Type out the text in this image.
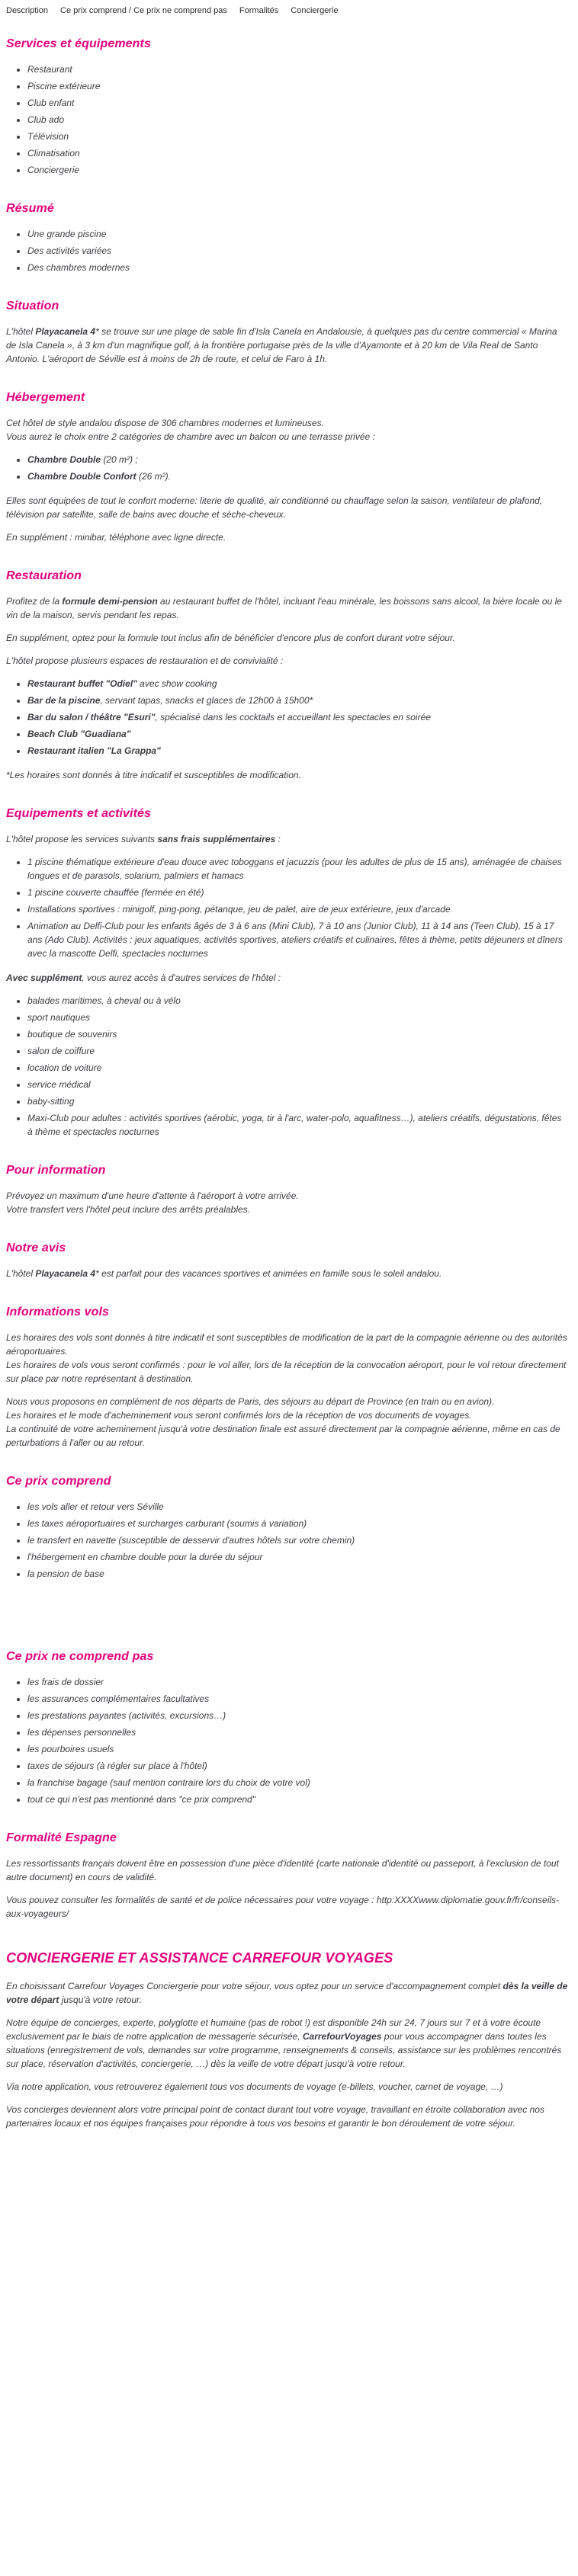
Description Ce prix comprend / Ce prix ne comprend pas Formalités Conciergerie
Services et équipements
• Restaurant
• Piscine extérieure
• Club enfant
• Club ado
• Télévision
• Climatisation
• Conciergerie
Résumé
• Une grande piscine
• Des activités variées
• Des chambres modernes
Situation

L'hôtel Playacanela 4* se trouve sur une plage de sable fin d'Isla Canela en Andalousie, à quelques pas du centre commercial « Marina de Isla Canela », à 3 km d'un magnifique golf, à la frontière portugaise près de la ville d'Ayamonte et à 20 km de Vila Real de Santo Antonio. L'aéroport de Séville est à moins de 2h de route, et celui de Faro à 1h.

Hébergement

Cet hôtel de style andalou dispose de 306 chambres modernes et lumineuses.
Vous aurez le choix entre 2 catégories de chambre avec un balcon ou une terrasse privée :

• Chambre Double (20 m²) ;
• Chambre Double Confort (26 m²).

Elles sont équipées de tout le confort moderne: literie de qualité, air conditionné ou chauffage selon la saison, ventilateur de plafond, télévision par satellite, salle de bains avec douche et sèche-cheveux.

En supplément : minibar, téléphone avec ligne directe.

Restauration

Profitez de la formule demi-pension au restaurant buffet de l'hôtel, incluant l'eau minérale, les boissons sans alcool, la bière locale ou le vin de la maison, servis pendant les repas.

En supplément, optez pour la formule tout inclus afin de bénéficier d'encore plus de confort durant votre séjour.

L'hôtel propose plusieurs espaces de restauration et de convivialité :

• Restaurant buffet "Odiel" avec show cooking
• Bar de la piscine, servant tapas, snacks et glaces de 12h00 à 15h00*
• Bar du salon / théâtre "Esuri", spécialisé dans les cocktails et accueillant les spectacles en soirée
• Beach Club "Guadiana"
• Restaurant italien "La Grappa"

*Les horaires sont donnés à titre indicatif et susceptibles de modification.

Equipements et activités

L'hôtel propose les services suivants sans frais supplémentaires :

• 1 piscine thématique extérieure d'eau douce avec toboggans et jacuzzis (pour les adultes de plus de 15 ans), aménagée de chaises longues et de parasols, solarium, palmiers et hamacs
• 1 piscine couverte chauffée (fermée en été)
• Installations sportives : minigolf, ping-pong, pétanque, jeu de palet, aire de jeux extérieure, jeux d'arcade
• Animation au Delfi-Club pour les enfants âgés de 3 à 6 ans (Mini Club), 7 à 10 ans (Junior Club), 11 à 14 ans (Teen Club), 15 à 17 ans (Ado Club). Activités : jeux aquatiques, activités sportives, ateliers créatifs et culinaires, fêtes à thème, petits déjeuners et dîners avec la mascotte Delfi, spectacles nocturnes

Avec supplément, vous aurez accès à d'autres services de l'hôtel :

• balades maritimes, à cheval ou à vélo
• sport nautiques
• boutique de souvenirs
• salon de coiffure
• location de voiture
• service médical
• baby-sitting
• Maxi-Club pour adultes : activités sportives (aérobic, yoga, tir à l'arc, water-polo, aquafitness…), ateliers créatifs, dégustations, fêtes à thème et spectacles nocturnes
Pour information

Prévoyez un maximum d'une heure d'attente à l'aéroport à votre arrivée.
Votre transfert vers l'hôtel peut inclure des arrêts préalables.

Notre avis

L'hôtel Playacanela 4* est parfait pour des vacances sportives et animées en famille sous le soleil andalou.

Informations vols

Les horaires des vols sont donnés à titre indicatif et sont susceptibles de modification de la part de la compagnie aérienne ou des autorités aéroportuaires.
Les horaires de vols vous seront confirmés : pour le vol aller, lors de la réception de la convocation aéroport, pour le vol retour directement sur place par notre représentant à destination.

Nous vous proposons en complément de nos départs de Paris, des séjours au départ de Province (en train ou en avion).
Les horaires et le mode d'acheminement vous seront confirmés lors de la réception de vos documents de voyages.
La continuité de votre acheminement jusqu'à votre destination finale est assuré directement par la compagnie aérienne, même en cas de perturbations à l'aller ou au retour.

Ce prix comprend
• les vols aller et retour vers Séville
• les taxes aéroportuaires et surcharges carburant (soumis à variation)
• le transfert en navette (susceptible de desservir d'autres hôtels sur votre chemin)
• l'hébergement en chambre double pour la durée du séjour
• la pension de base
Ce prix ne comprend pas
• les frais de dossier
• les assurances complémentaires facultatives
• les prestations payantes (activités, excursions…)
• les dépenses personnelles
• les pourboires usuels
• taxes de séjours (à régler sur place à l'hôtel)
• la franchise bagage (sauf mention contraire lors du choix de votre vol)
• tout ce qui n'est pas mentionné dans "ce prix comprend"
Formalité Espagne

Les ressortissants français doivent être en possession d'une pièce d'identité (carte nationale d'identité ou passeport, à l'exclusion de tout autre document) en cours de validité.

Vous pouvez consulter les formalités de santé et de police nécessaires pour votre voyage : http:XXXXwww.diplomatie.gouv.fr/fr/conseils-aux-voyageurs/

CONCIERGERIE ET ASSISTANCE CARREFOUR VOYAGES

En choisissant Carrefour Voyages Conciergerie pour votre séjour, vous optez pour un service d'accompagnement complet dès la veille de votre départ jusqu'à votre retour.

Notre équipe de concierges, experte, polyglotte et humaine (pas de robot !) est disponible 24h sur 24, 7 jours sur 7 et à votre écoute exclusivement par le biais de notre application de messagerie sécurisée, CarrefourVoyages pour vous accompagner dans toutes les situations (enregistrement de vols, demandes sur votre programme, renseignements & conseils, assistance sur les problèmes rencontrés sur place, réservation d'activités, conciergerie, …) dès la veille de votre départ jusqu'à votre retour.

Via notre application, vous retrouverez également tous vos documents de voyage (e-billets, voucher, carnet de voyage, …)

Vos concierges deviennent alors votre principal point de contact durant tout votre voyage, travaillant en étroite collaboration avec nos partenaires locaux et nos équipes françaises pour répondre à tous vos besoins et garantir le bon déroulement de votre séjour.
